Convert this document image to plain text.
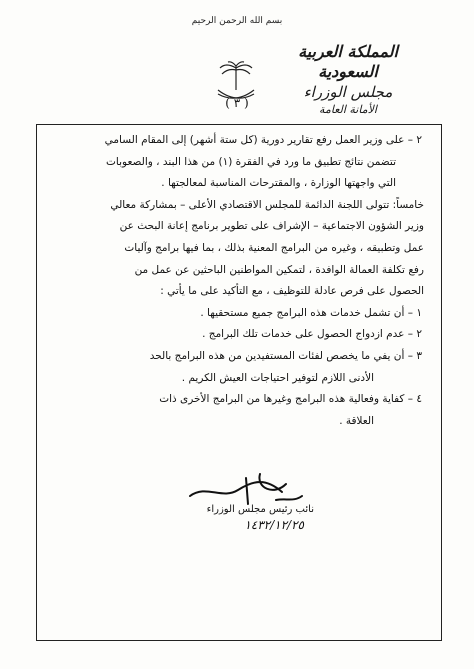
بسم الله الرحمن الرحيم
المملكة العربية السعودية
مجلس الوزراء
الأمانة العامة
( ٣ )
٢ – على وزير العمل رفع تقارير دورية (كل ستة أشهر) إلى المقام السامي
تتضمن نتائج تطبيق ما ورد في الفقرة (١) من هذا البند ، والصعوبات
التي واجهتها الوزارة ، والمقترحات المناسبة لمعالجتها .
خامساً: تتولى اللجنة الدائمة للمجلس الاقتصادي الأعلى – بمشاركة معالي
وزير الشؤون الاجتماعية – الإشراف على تطوير برنامج إعانة البحث عن
عمل وتطبيقه ، وغيره من البرامج المعنية بذلك ، بما فيها برامج وآليات
رفع تكلفة العمالة الوافدة ، لتمكين المواطنين الباحثين عن عمل من
الحصول على فرص عادلة للتوظيف ، مع التأكيد على ما يأتي :
١ – أن تشمل خدمات هذه البرامج جميع مستحقيها .
٢ – عدم ازدواج الحصول على خدمات تلك البرامج .
٣ – أن يفي ما يخصص لفئات المستفيدين من هذه البرامج بالحد
الأدنى اللازم لتوفير احتياجات العيش الكريم .
٤ – كفاية وفعالية هذه البرامج وغيرها من البرامج الأخرى ذات
العلاقة .
نائب رئيس مجلس الوزراء
١٤٣٢/١٢/٢٥
